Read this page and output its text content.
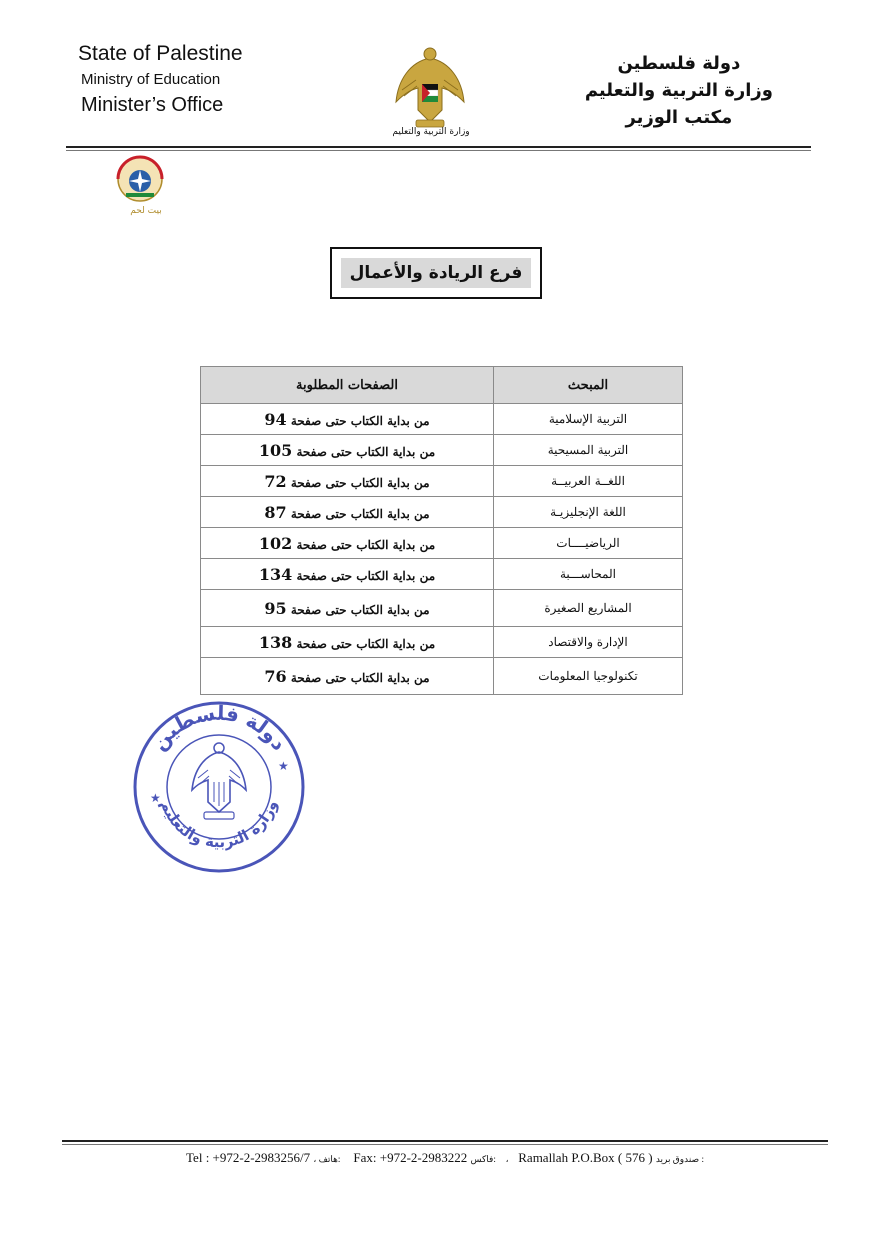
State of Palestine
Ministry of Education
Minister’s Office
وزارة التربية والتعليم
دولة فلسطين
وزارة التربية والتعليم
مكتب الوزير
بيت لحم
فرع الريادة والأعمال
المبحث	الصفحات المطلوبة
التربية الإسلامية	من بداية الكتاب حتى صفحة 94
التربية المسيحية	من بداية الكتاب حتى صفحة 105
اللغــة العربيــة	من بداية الكتاب حتى صفحة 72
اللغة الإنجليزيـة	من بداية الكتاب حتى صفحة 87
الرياضيــــات	من بداية الكتاب حتى صفحة 102
المحاســـبة	من بداية الكتاب حتى صفحة 134
المشاريع الصغيرة	من بداية الكتاب حتى صفحة 95
الإدارة والاقتصاد	من بداية الكتاب حتى صفحة 138
تكنولوجيا المعلومات	من بداية الكتاب حتى صفحة 76
دولة فلسطين
وزارة التربية والتعليم
★
★
Tel : +972-2-2983256/7 ، هاتف: Fax: +972-2-2983222 فاكس: ، Ramallah P.O.Box ( 576 ) صندوق بريد :
